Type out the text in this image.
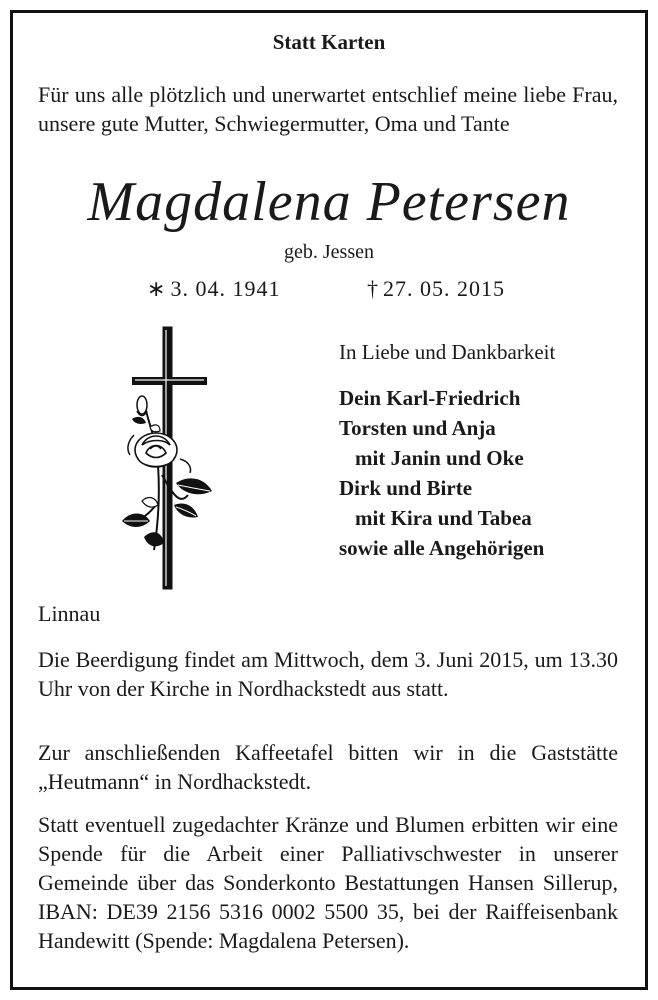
Statt Karten

Für uns alle plötzlich und unerwartet entschlief meine liebe Frau, unsere gute Mutter, Schwiegermutter, Oma und Tante

Magdalena Petersen
geb. Jessen
∗ 3. 04. 1941	† 27. 05. 2015
In Liebe und Dankbarkeit
Dein Karl-Friedrich
Torsten und Anja
mit Janin und Oke
Dirk und Birte
mit Kira und Tabea
sowie alle Angehörigen

Linnau

Die Beerdigung findet am Mittwoch, dem 3. Juni 2015, um 13.30 Uhr von der Kirche in Nordhackstedt aus statt.

Zur anschließenden Kaffeetafel bitten wir in die Gaststätte „Heutmann“ in Nordhackstedt.

Statt eventuell zugedachter Kränze und Blumen erbitten wir eine Spende für die Arbeit einer Palliativschwester in unserer Gemeinde über das Sonderkonto Bestattungen Hansen Sillerup, IBAN: DE39 2156 5316 0002 5500 35, bei der Raiffeisenbank Handewitt (Spende: Magdalena Petersen).
